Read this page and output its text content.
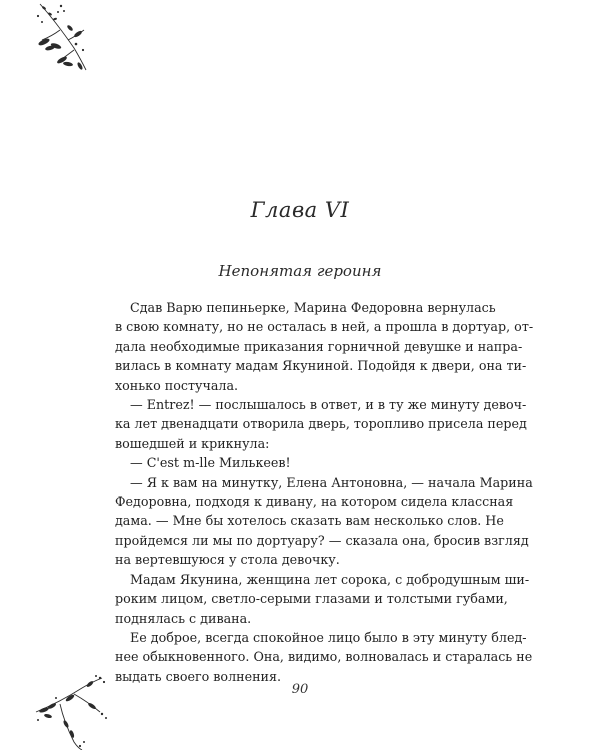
Глава VI
Непонятая героиня
Сдав Варю пепиньерке, Марина Федоровна вернулась
в свою комнату, но не осталась в ней, а прошла в дортуар, от-
дала необходимые приказания горничной девушке и напра-
вилась в комнату мадам Якуниной. Подойдя к двери, она ти-
хонько постучала.
— Entrez! — послышалось в ответ, и в ту же минуту девоч-
ка лет двенадцати отворила дверь, торопливо присела перед
вошедшей и крикнула:
— C'est m-lle Милькеев!
— Я к вам на минутку, Елена Антоновна, — начала Марина
Федоровна, подходя к дивану, на котором сидела классная
дама. — Мне бы хотелось сказать вам несколько слов. Не
пройдемся ли мы по дортуару? — сказала она, бросив взгляд
на вертевшуюся у стола девочку.
Мадам Якунина, женщина лет сорока, с добродушным ши-
роким лицом, светло-серыми глазами и толстыми губами,
поднялась с дивана.
Ее доброе, всегда спокойное лицо было в эту минуту блед-
нее обыкновенного. Она, видимо, волновалась и старалась не
выдать своего волнения.
90
